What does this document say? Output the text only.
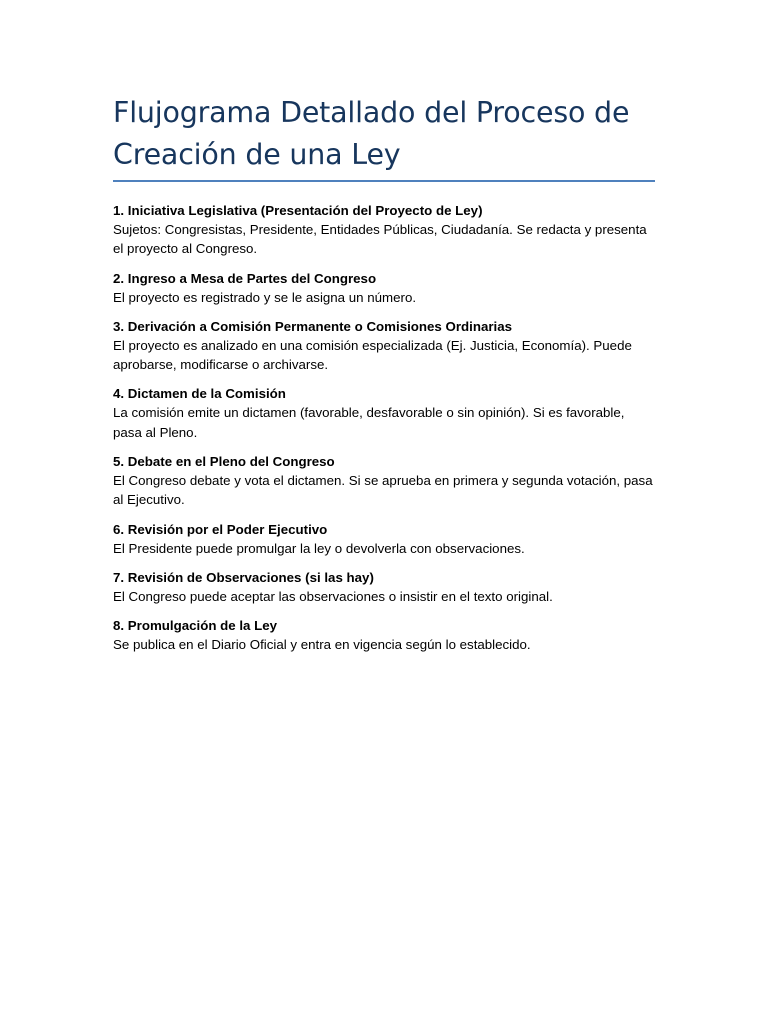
Flujograma Detallado del Proceso de Creación de una Ley

1. Iniciativa Legislativa (Presentación del Proyecto de Ley)

Sujetos: Congresistas, Presidente, Entidades Públicas, Ciudadanía. Se redacta y presenta el proyecto al Congreso.

2. Ingreso a Mesa de Partes del Congreso

El proyecto es registrado y se le asigna un número.

3. Derivación a Comisión Permanente o Comisiones Ordinarias

El proyecto es analizado en una comisión especializada (Ej. Justicia, Economía). Puede aprobarse, modificarse o archivarse.

4. Dictamen de la Comisión

La comisión emite un dictamen (favorable, desfavorable o sin opinión). Si es favorable, pasa al Pleno.

5. Debate en el Pleno del Congreso

El Congreso debate y vota el dictamen. Si se aprueba en primera y segunda votación, pasa al Ejecutivo.

6. Revisión por el Poder Ejecutivo

El Presidente puede promulgar la ley o devolverla con observaciones.

7. Revisión de Observaciones (si las hay)

El Congreso puede aceptar las observaciones o insistir en el texto original.

8. Promulgación de la Ley

Se publica en el Diario Oficial y entra en vigencia según lo establecido.
